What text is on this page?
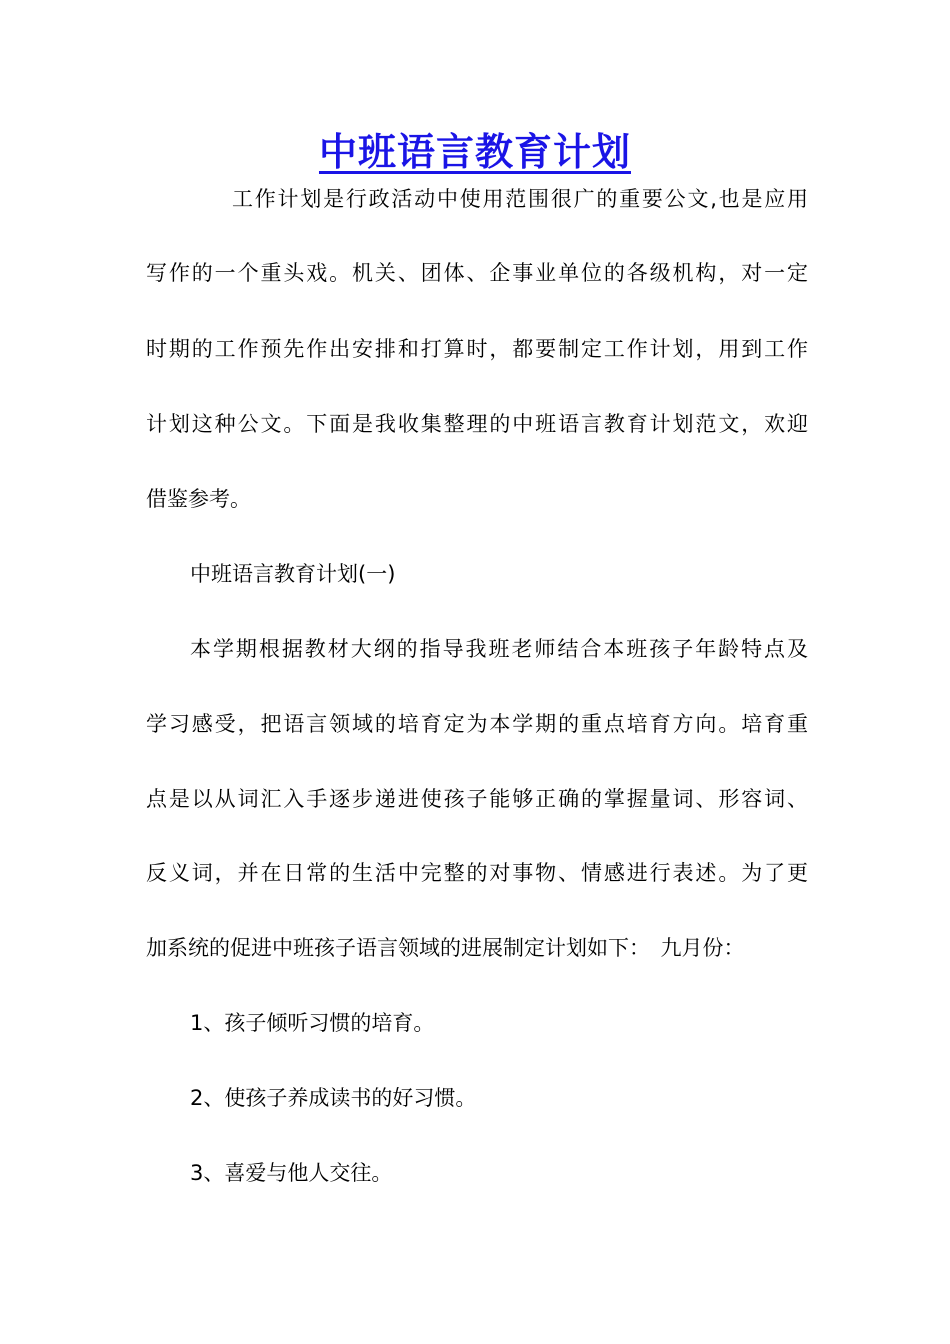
中班语言教育计划

工作计划是行政活动中使用范围很广的重要公文,也是应用

写作的一个重头戏。机关、团体、企事业单位的各级机构，对一定

时期的工作预先作出安排和打算时，都要制定工作计划，用到工作

计划这种公文。下面是我收集整理的中班语言教育计划范文，欢迎

借鉴参考。

中班语言教育计划(一)

本学期根据教材大纲的指导我班老师结合本班孩子年龄特点及

学习感受，把语言领域的培育定为本学期的重点培育方向。培育重

点是以从词汇入手逐步递进使孩子能够正确的掌握量词、形容词、

反义词，并在日常的生活中完整的对事物、情感进行表述。为了更

加系统的促进中班孩子语言领域的进展制定计划如下：　九月份：

1、孩子倾听习惯的培育。

2、使孩子养成读书的好习惯。

3、喜爱与他人交往。
